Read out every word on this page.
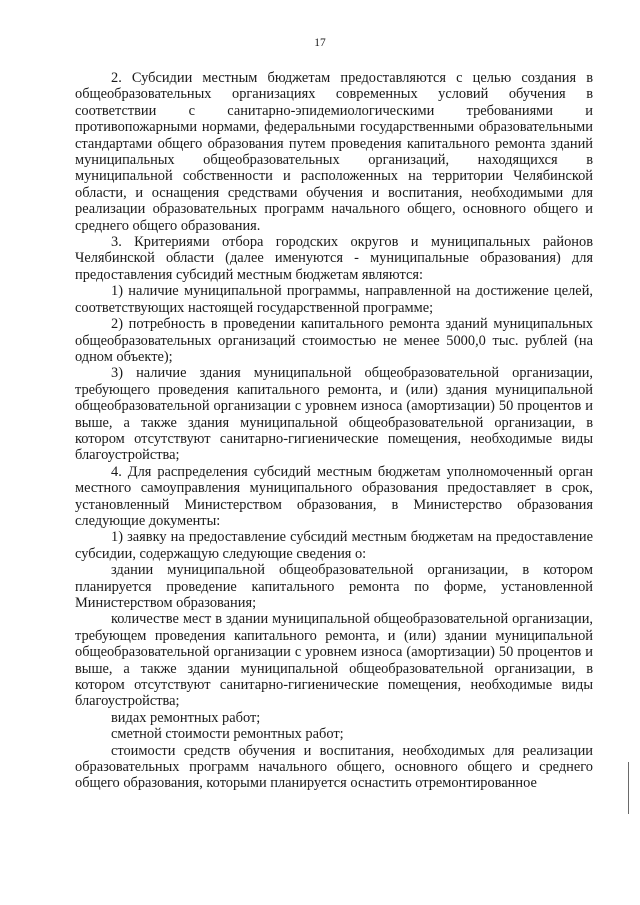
17

2. Субсидии местным бюджетам предоставляются с целью создания в общеобразовательных организациях современных условий обучения в соответствии с санитарно-эпидемиологическими требованиями и противопожарными нормами, федеральными государственными образовательными стандартами общего образования путем проведения капитального ремонта зданий муниципальных общеобразовательных организаций, находящихся в муниципальной собственности и расположенных на территории Челябинской области, и оснащения средствами обучения и воспитания, необходимыми для реализации образовательных программ начального общего, основного общего и среднего общего образования.

3. Критериями отбора городских округов и муниципальных районов Челябинской области (далее именуются - муниципальные образования) для предоставления субсидий местным бюджетам являются:

1) наличие муниципальной программы, направленной на достижение целей, соответствующих настоящей государственной программе;

2) потребность в проведении капитального ремонта зданий муниципальных общеобразовательных организаций стоимостью не менее 5000,0 тыс. рублей (на одном объекте);

3) наличие здания муниципальной общеобразовательной организации, требующего проведения капитального ремонта, и (или) здания муниципальной общеобразовательной организации с уровнем износа (амортизации) 50 процентов и выше, а также здания муниципальной общеобразовательной организации, в котором отсутствуют санитарно-гигиенические помещения, необходимые виды благоустройства;

4. Для распределения субсидий местным бюджетам уполномоченный орган местного самоуправления муниципального образования предоставляет в срок, установленный Министерством образования, в Министерство образования следующие документы:

1) заявку на предоставление субсидий местным бюджетам на предоставление субсидии, содержащую следующие сведения о:

здании муниципальной общеобразовательной организации, в котором планируется проведение капитального ремонта по форме, установленной Министерством образования;

количестве мест в здании муниципальной общеобразовательной организации, требующем проведения капитального ремонта, и (или) здании муниципальной общеобразовательной организации с уровнем износа (амортизации) 50 процентов и выше, а также здании муниципальной общеобразовательной организации, в котором отсутствуют санитарно-гигиенические помещения, необходимые виды благоустройства;

видах ремонтных работ;

сметной стоимости ремонтных работ;

стоимости средств обучения и воспитания, необходимых для реализации образовательных программ начального общего, основного общего и среднего общего образования, которыми планируется оснастить отремонтированное
